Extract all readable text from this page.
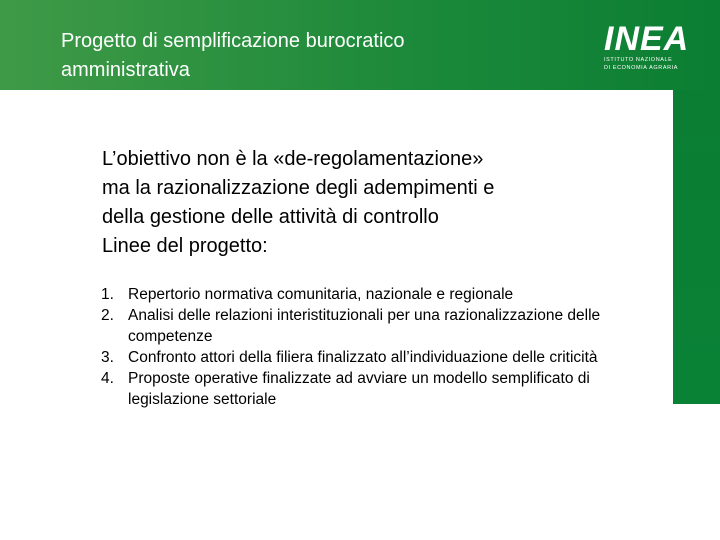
Progetto di semplificazione burocratico
amministrativa
INEA
ISTITUTO NAZIONALE
DI ECONOMIA AGRARIA

L’obiettivo non è la «de-regolamentazione»

ma la razionalizzazione degli adempimenti e

della gestione delle attività di controllo

Linee del progetto:

1. Repertorio normativa comunitaria, nazionale e regionale
2. Analisi delle relazioni interistituzionali per una razionalizzazione delle competenze
3. Confronto attori della filiera finalizzato all’individuazione delle criticità
4. Proposte operative finalizzate ad avviare un modello semplificato di legislazione settoriale
